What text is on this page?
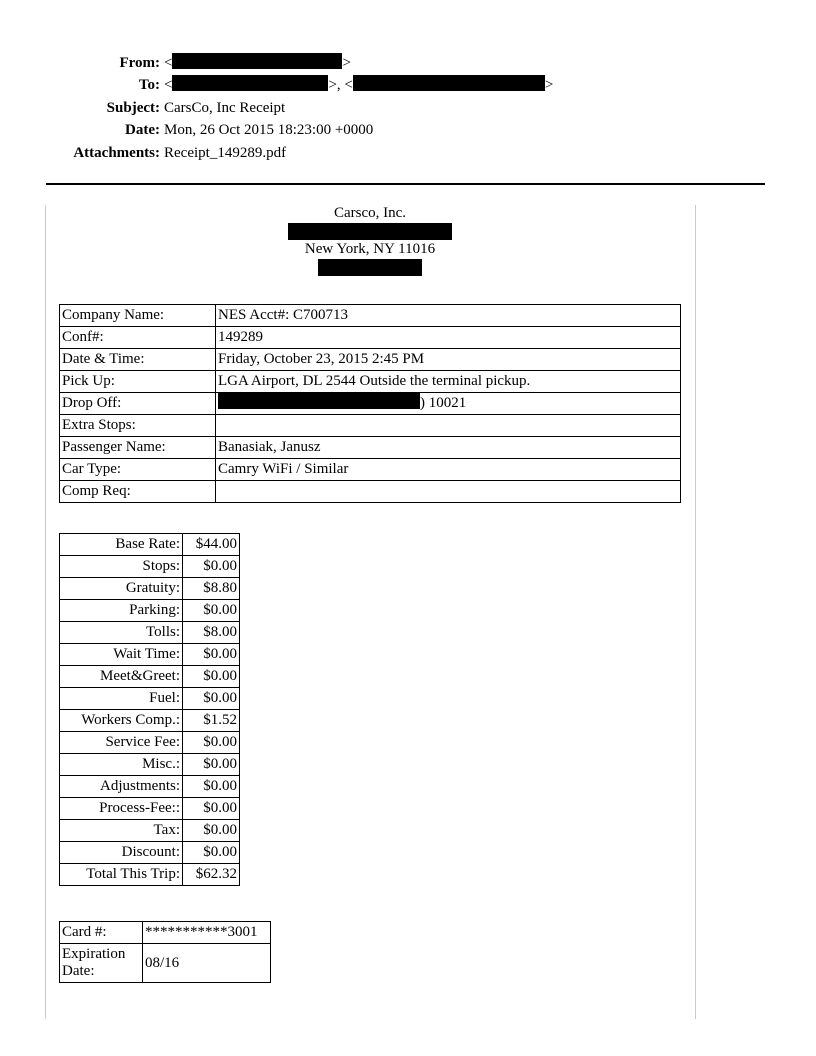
From: <	>
To: <	>, <	>
Subject: CarsCo, Inc Receipt
Date: Mon, 26 Oct 2015 18:23:00 +0000
Attachments: Receipt_149289.pdf
Carsco, Inc.
New York, NY 11016
Company Name:	NES Acct#: C700713
Conf#:	149289
Date & Time:	Friday, October 23, 2015 2:45 PM
Pick Up:	LGA Airport, DL 2544 Outside the terminal pickup.
Drop Off:	) 10021
Extra Stops:	
Passenger Name:	Banasiak, Janusz
Car Type:	Camry WiFi / Similar
Comp Req:	
Base Rate:	$44.00
Stops:	$0.00
Gratuity:	$8.80
Parking:	$0.00
Tolls:	$8.00
Wait Time:	$0.00
Meet&Greet:	$0.00
Fuel:	$0.00
Workers Comp.:	$1.52
Service Fee:	$0.00
Misc.:	$0.00
Adjustments:	$0.00
Process-Fee::	$0.00
Tax:	$0.00
Discount:	$0.00
Total This Trip:	$62.32
Card #:	***********3001
Expiration Date:	08/16
